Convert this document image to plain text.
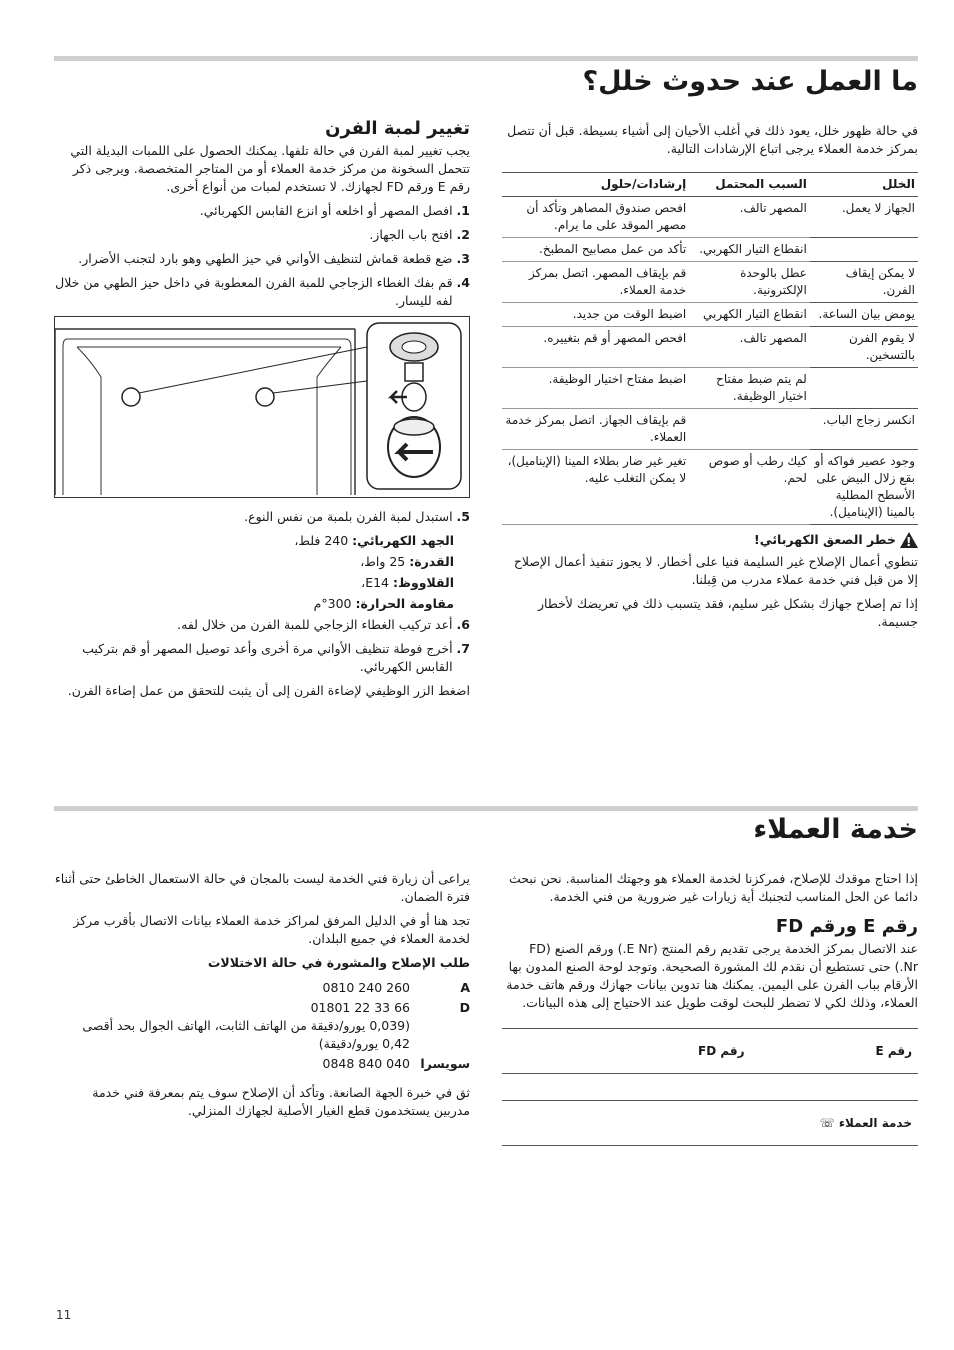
ما العمل عند حدوث خلل؟

في حالة ظهور خلل، يعود ذلك في أغلب الأحيان إلى أشياء بسيطة. قبل أن تتصل بمركز خدمة العملاء يرجى اتباع الإرشادات التالية.

الخلل	السبب المحتمل	إرشادات/حلول
الجهاز لا يعمل.	المصهر تالف.	افحص صندوق المصاهر وتأكد أن مصهر الموقد على ما يرام.
	انقطاع التيار الكهربي.	تأكد من عمل مصابيح المطبخ.
لا يمكن إيقاف الفرن.	عطل بالوحدة الإلكترونية.	قم بإيقاف المصهر. اتصل بمركز خدمة العملاء.
يومض بيان الساعة.	انقطاع التيار الكهربي	اضبط الوقت من جديد.
لا يقوم الفرن بالتسخين.	المصهر تالف.	افحص المصهر أو قم بتغييره.
	لم يتم ضبط مفتاح اختيار الوظيفة.	اضبط مفتاح اختيار الوظيفة.
انكسر زجاج الباب.		قم بإيقاف الجهاز. اتصل بمركز خدمة العملاء.
وجود عصير فواكه أو بقع زلال البيض على الأسطح المطلية بالمينا (الإيناميل).	كيك رطب أو صوص لحم.	تغير غير ضار بطلاء المينا (الإيناميل)، لا يمكن التغلب عليه.
!
خطر الصعق الكهربائي!

تنطوي أعمال الإصلاح غير السليمة فنيا على أخطار. لا يجوز تنفيذ أعمال الإصلاح إلا من قبل فني خدمة عملاء مدرب من قِبلنا.

إذا تم إصلاح جهازك بشكل غير سليم، فقد يتسبب ذلك في تعريضك لأخطار جسيمة.

تغيير لمبة الفرن

يجب تغيير لمبة الفرن في حالة تلفها. يمكنك الحصول على اللمبات البديلة التي تتحمل السخونة من مركز خدمة العملاء أو من المتاجر المتخصصة. ويرجى ذكر رقم E ورقم FD لجهازك. لا تستخدم لمبات من أنواع أخرى.

1.
افصل المصهر أو اخلعه أو انزع القابس الكهربائي.
2.
افتح باب الجهاز.
3.
ضع قطعة قماش لتنظيف الأواني في حيز الطهي وهو بارد لتجنب الأضرار.
4.
قم بفك الغطاء الزجاجي للمبة الفرن المعطوبة في داخل حيز الطهي من خلال لفه لليسار.
5.
استبدل لمبة الفرن بلمبة من نفس النوع.
الجهد الكهربائي: 240 فلط،
القدرة: 25 واط،
القلاووظ: E14،
مقاومة الحرارة: 300°م
6.
أعد تركيب الغطاء الزجاجي للمبة الفرن من خلال لفه.
7.
أخرج فوطة تنظيف الأواني مرة أخرى وأعد توصيل المصهر أو قم بتركيب القابس الكهربائي.

اضغط الزر الوظيفي لإضاءة الفرن إلى أن يثبت للتحقق من عمل إضاءة الفرن.

خدمة العملاء

إذا احتاج موقدك للإصلاح، فمركزنا لخدمة العملاء هو وجهتك المناسبة. نحن نبحث دائما عن الحل المناسب لتجنبك أية زيارات غير ضرورية من فني الخدمة.

رقم E ورقم FD

عند الاتصال بمركز الخدمة يرجى تقديم رقم المنتج (E Nr.) ورقم الصنع (FD Nr.) حتى تستطيع أن نقدم لك المشورة الصحيحة. وتوجد لوحة الصنع المدون بها الأرقام بباب الفرن على اليمين. يمكنك هنا تدوين بيانات جهازك ورقم هاتف خدمة العملاء، وذلك لكي لا تضطر للبحث لوقت طويل عند الاحتياج إلى هذه البيانات.

رقم E
رقم FD
خدمة العملاء ☏

يراعى أن زيارة فني الخدمة ليست بالمجان في حالة الاستعمال الخاطئ حتى أثناء فترة الضمان.

تجد هنا أو في الدليل المرفق لمراكز خدمة العملاء بيانات الاتصال بأقرب مركز لخدمة العملاء في جميع البلدان.

طلب الإصلاح والمشورة في حالة الاختلالات

A	0810 240 260

D	01801 22 33 66
(0,039 يورو/دقيقة من الهاتف الثابت، الهاتف الجوال بحد أقصى 0,42 يورو/دقيقة)

سويسرا	0848 840 040

ثق في خبرة الجهة الصانعة. وتأكد أن الإصلاح سوف يتم بمعرفة فني خدمة مدربين يستخدمون قطع الغيار الأصلية لجهازك المنزلي.

11
